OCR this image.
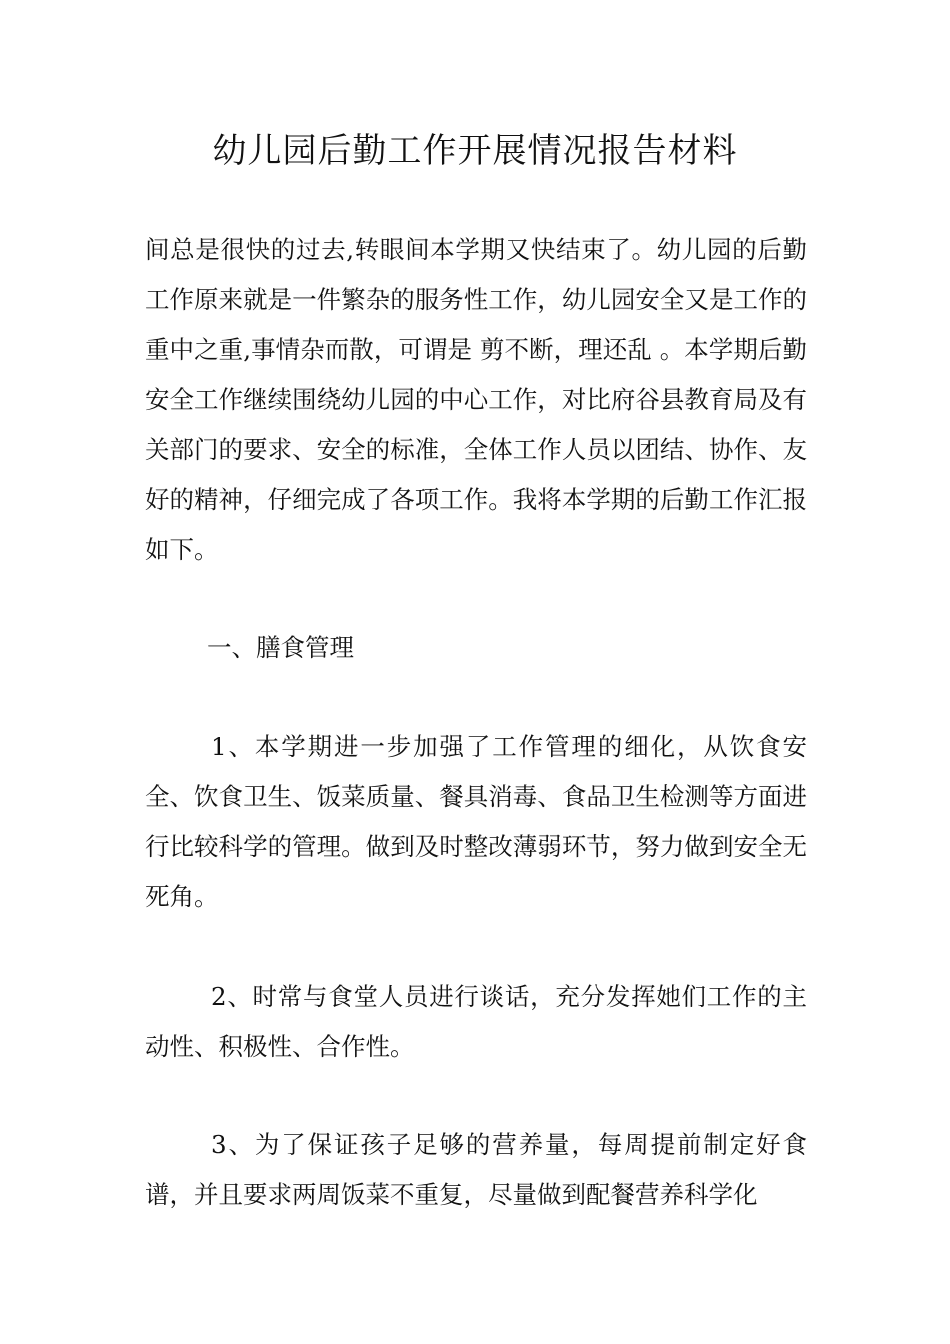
幼儿园后勤工作开展情况报告材料

间总是很快的过去,转眼间本学期又快结束了。幼儿园的后勤工作原来就是一件繁杂的服务性工作，幼儿园安全又是工作的重中之重,事情杂而散，可谓是 剪不断，理还乱 。本学期后勤安全工作继续围绕幼儿园的中心工作，对比府谷县教育局及有关部门的要求、安全的标准，全体工作人员以团结、协作、友好的精神，仔细完成了各项工作。我将本学期的后勤工作汇报如下。

一、膳食管理

1、本学期进一步加强了工作管理的细化，从饮食安全、饮食卫生、饭菜质量、餐具消毒、食品卫生检测等方面进行比较科学的管理。做到及时整改薄弱环节，努力做到安全无死角。

2、时常与食堂人员进行谈话，充分发挥她们工作的主动性、积极性、合作性。

3、为了保证孩子足够的营养量，每周提前制定好食谱，并且要求两周饭菜不重复，尽量做到配餐营养科学化
